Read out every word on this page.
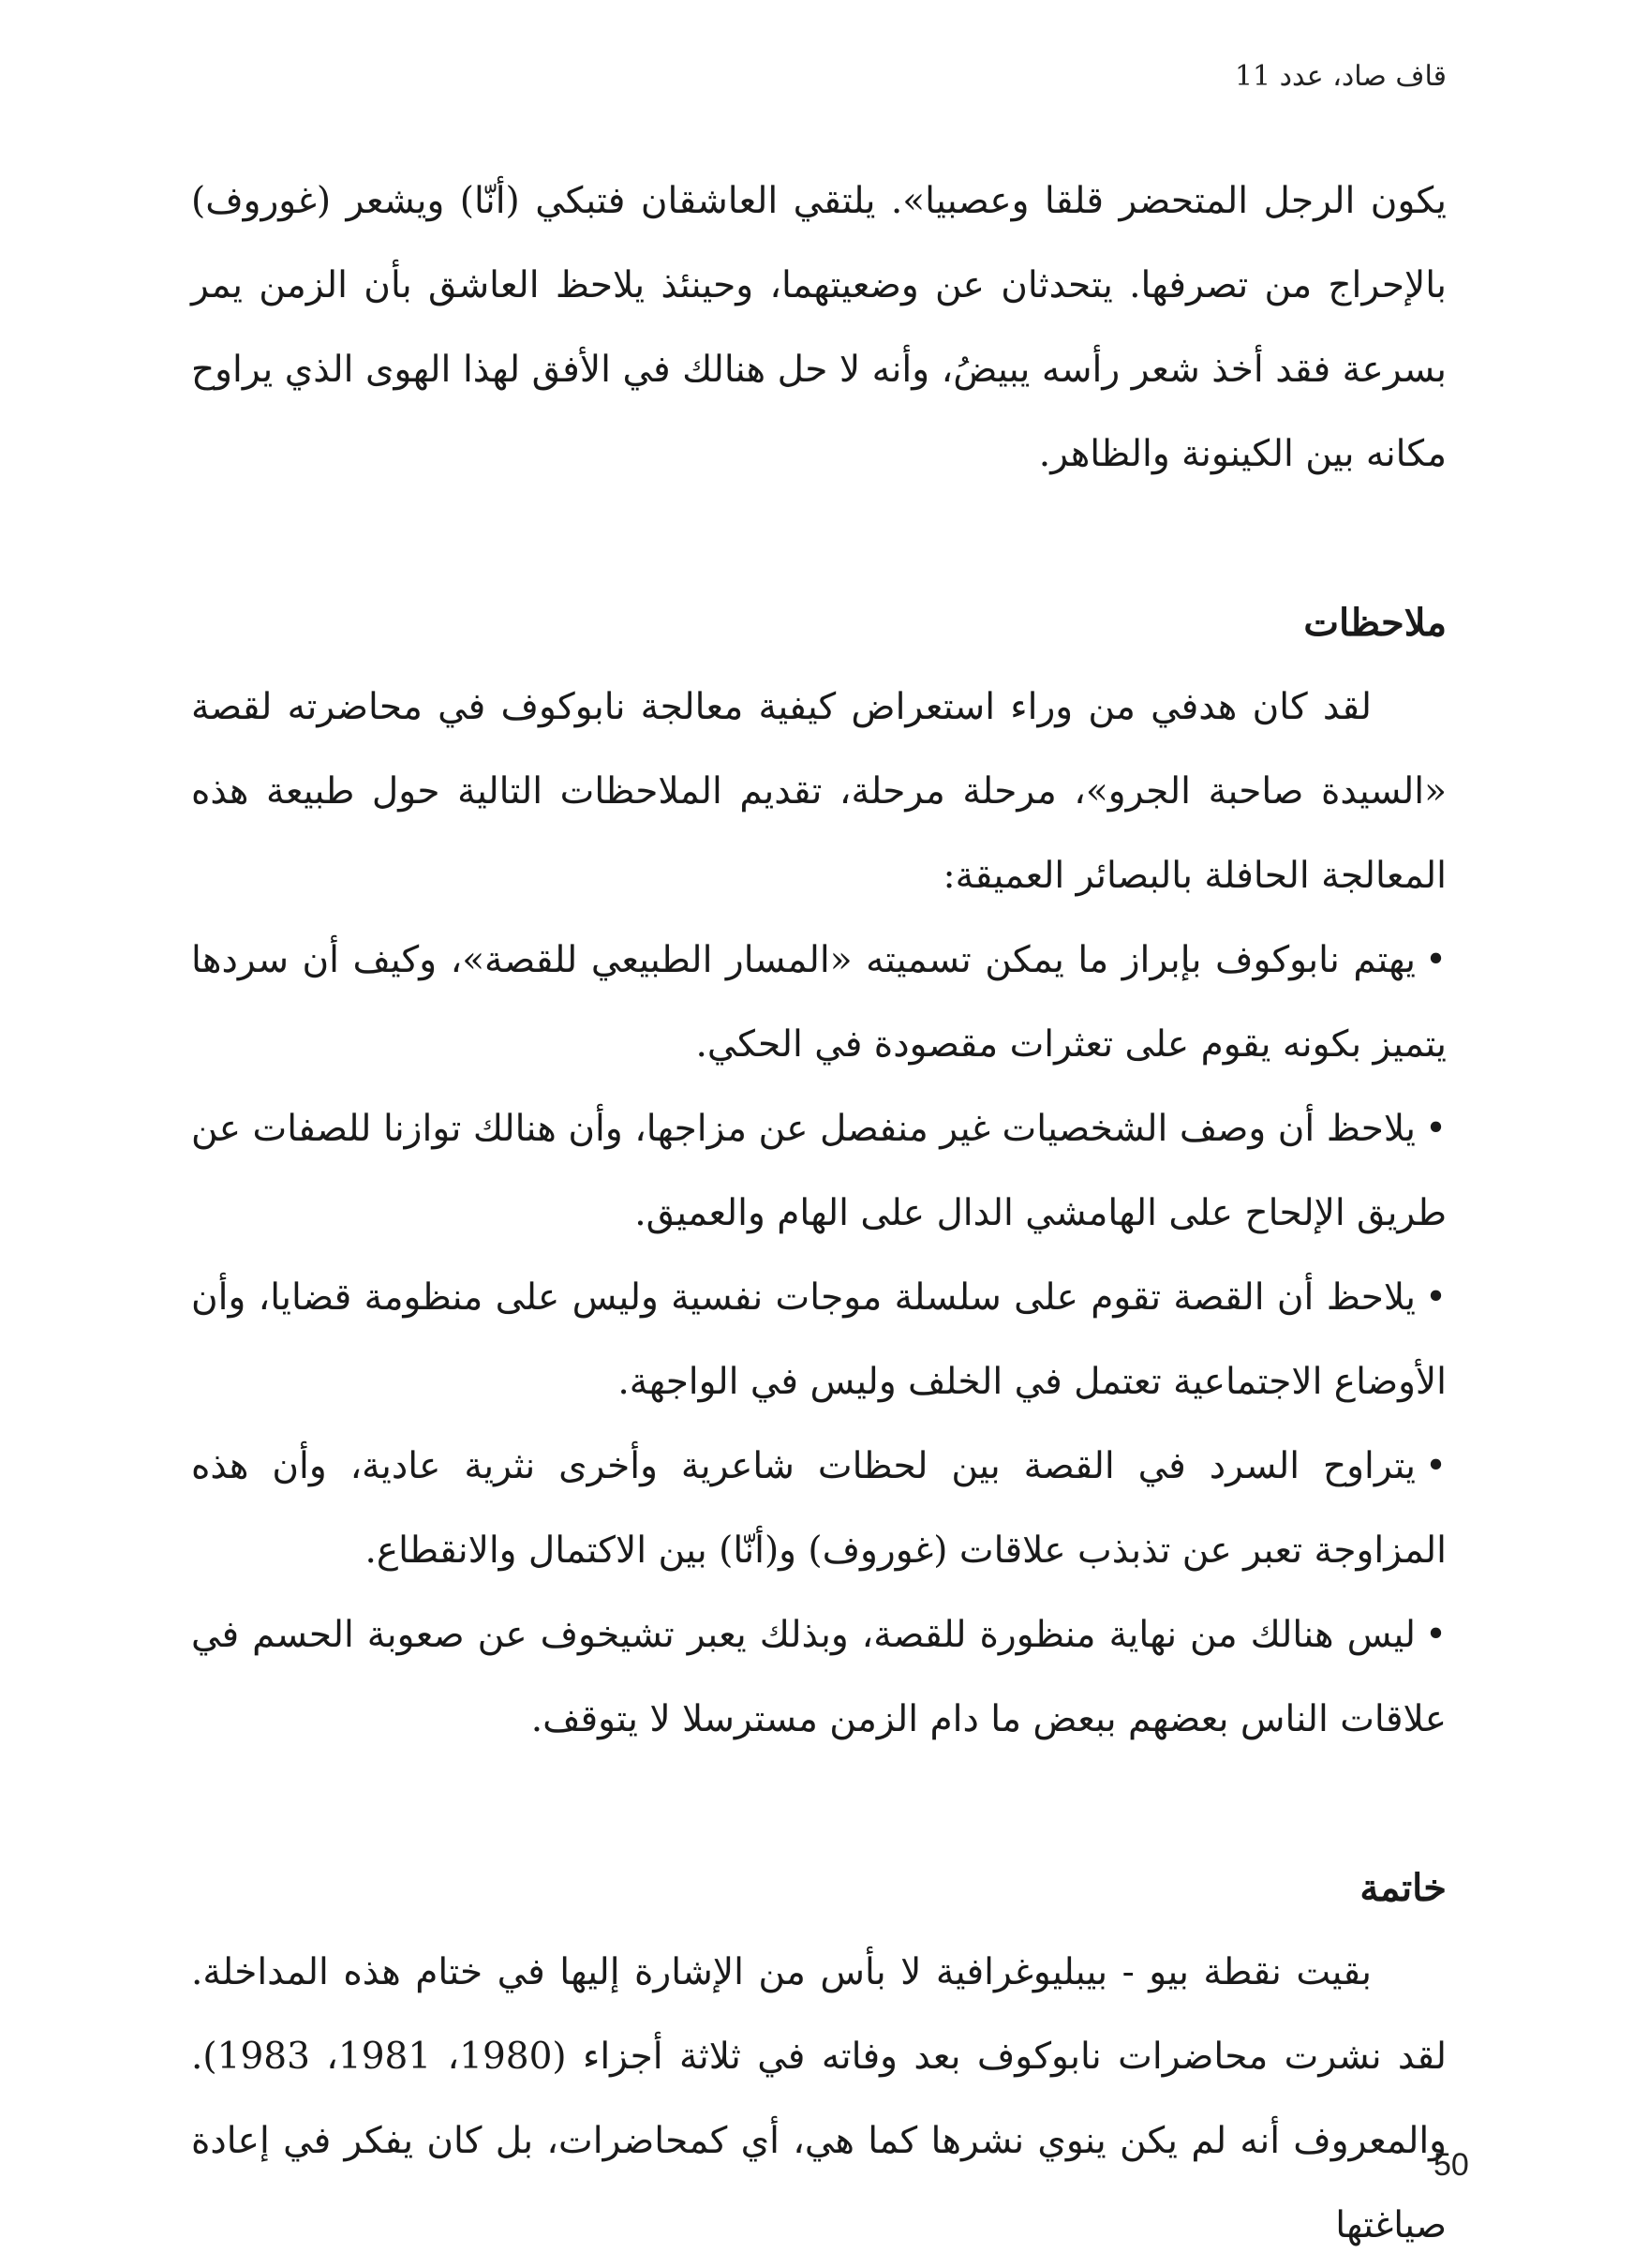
قاف صاد، عدد 11

يكون الرجل المتحضر قلقا وعصبيا». يلتقي العاشقان فتبكي (أنّا) ويشعر (غوروف) بالإحراج من تصرفها. يتحدثان عن وضعيتهما، وحينئذ يلاحظ العاشق بأن الزمن يمر بسرعة فقد أخذ شعر رأسه يبيضُ، وأنه لا حل هنالك في الأفق لهذا الهوى الذي يراوح مكانه بين الكينونة والظاهر.

ملاحظات

لقد كان هدفي من وراء استعراض كيفية معالجة نابوكوف في محاضرته لقصة «السيدة صاحبة الجرو»، مرحلة مرحلة، تقديم الملاحظات التالية حول طبيعة هذه المعالجة الحافلة بالبصائر العميقة:

•يهتم نابوكوف بإبراز ما يمكن تسميته «المسار الطبيعي للقصة»، وكيف أن سردها يتميز بكونه يقوم على تعثرات مقصودة في الحكي.

•يلاحظ أن وصف الشخصيات غير منفصل عن مزاجها، وأن هنالك توازنا للصفات عن طريق الإلحاح على الهامشي الدال على الهام والعميق.

•يلاحظ أن القصة تقوم على سلسلة موجات نفسية وليس على منظومة قضايا، وأن الأوضاع الاجتماعية تعتمل في الخلف وليس في الواجهة.

•يتراوح السرد في القصة بين لحظات شاعرية وأخرى نثرية عادية، وأن هذه المزاوجة تعبر عن تذبذب علاقات (غوروف) و(أنّا) بين الاكتمال والانقطاع.

•ليس هنالك من نهاية منظورة للقصة، وبذلك يعبر تشيخوف عن صعوبة الحسم في علاقات الناس بعضهم ببعض ما دام الزمن مسترسلا لا يتوقف.

خاتمة

بقيت نقطة بيو - بيبليوغرافية لا بأس من الإشارة إليها في ختام هذه المداخلة. لقد نشرت محاضرات نابوكوف بعد وفاته في ثلاثة أجزاء (1980، 1981، 1983). والمعروف أنه لم يكن ينوي نشرها كما هي، أي كمحاضرات، بل كان يفكر في إعادة صياغتها

50
